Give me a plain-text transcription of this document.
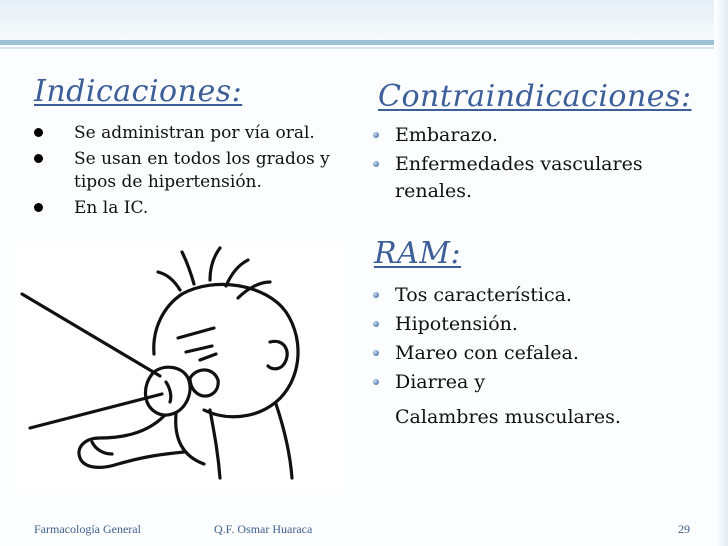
Indicaciones:
Se administran por vía oral.
Se usan en todos los grados y tipos de hipertensión.
En la IC.
Contraindicaciones:
Embarazo.
Enfermedades vasculares renales.
RAM:
Tos característica.
Hipotensión.
Mareo con cefalea.
Diarrea y
Calambres musculares.
Farmacología General	Q.F. Osmar Huaraca	29
